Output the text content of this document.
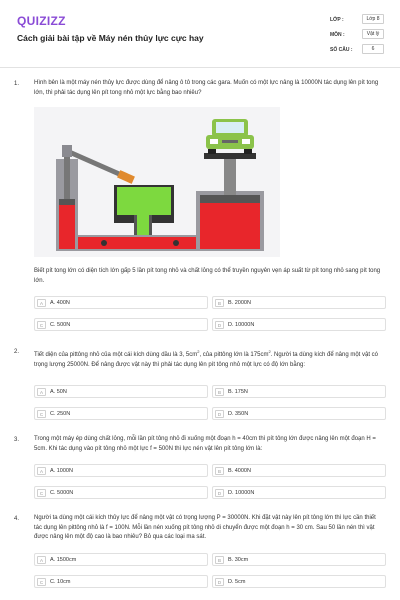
QUIZIZZ
Cách giải bài tập về Máy nén thủy lực cực hay
LỚP :	Lớp 8
MÔN :	Vật lý
SỐ CÂU :	6
1. Hình bên là một máy nén thủy lực được dùng để nâng ô tô trong các gara. Muốn có một lực nâng là 10000N tác dụng lên pít tong lớn, thì phải tác dụng lên pít tong nhỏ một lực bằng bao nhiêu?
Biết pít tong lớn có diện tích lớn gấp 5 lần pít tong nhỏ và chất lỏng có thể truyền nguyên vẹn áp suất từ pít tong nhỏ sang pít tong lớn.
A	A. 400N	B	B. 2000N
C	C. 500N	D	D. 10000N
2. Tiết diện của pittông nhỏ của một cái kích dùng dầu là 3, $5cm^2$, của pittông lớn là $175cm^2$. Người ta dùng kích để nâng một vật có trọng lượng 25000N. Để nâng được vật này thì phải tác dụng lên pít tông nhỏ một lực có độ lớn bằng:
A	A. 50N	B	B. 175N
C	C. 250N	D	D. 350N
3. Trong một máy ép dùng chất lỏng, mỗi lần pít tông nhỏ đi xuống một đoạn h = 40cm thì pít tông lớn được nâng lên một đoạn H = 5cm. Khi tác dụng vào pít tông nhỏ một lực f = 500N thì lực nén vật lên pít tông lớn là:
A	A. 1000N	B	B. 4000N
C	C. 5000N	D	D. 10000N
4. Người ta dùng một cái kích thủy lực để nâng một vật có trọng lượng P = 30000N. Khi đặt vật này lên pít tông lớn thì lực cần thiết tác dụng lên pittông nhỏ là f = 100N. Mỗi lần nén xuống pít tông nhỏ di chuyển được một đoạn h = 30 cm. Sau 50 lần nén thì vật được nâng lên một độ cao là bao nhiêu? Bỏ qua các loại ma sát.
A	A. 1500cm	B	B. 30cm
C	C. 10cm	D	D. 5cm
